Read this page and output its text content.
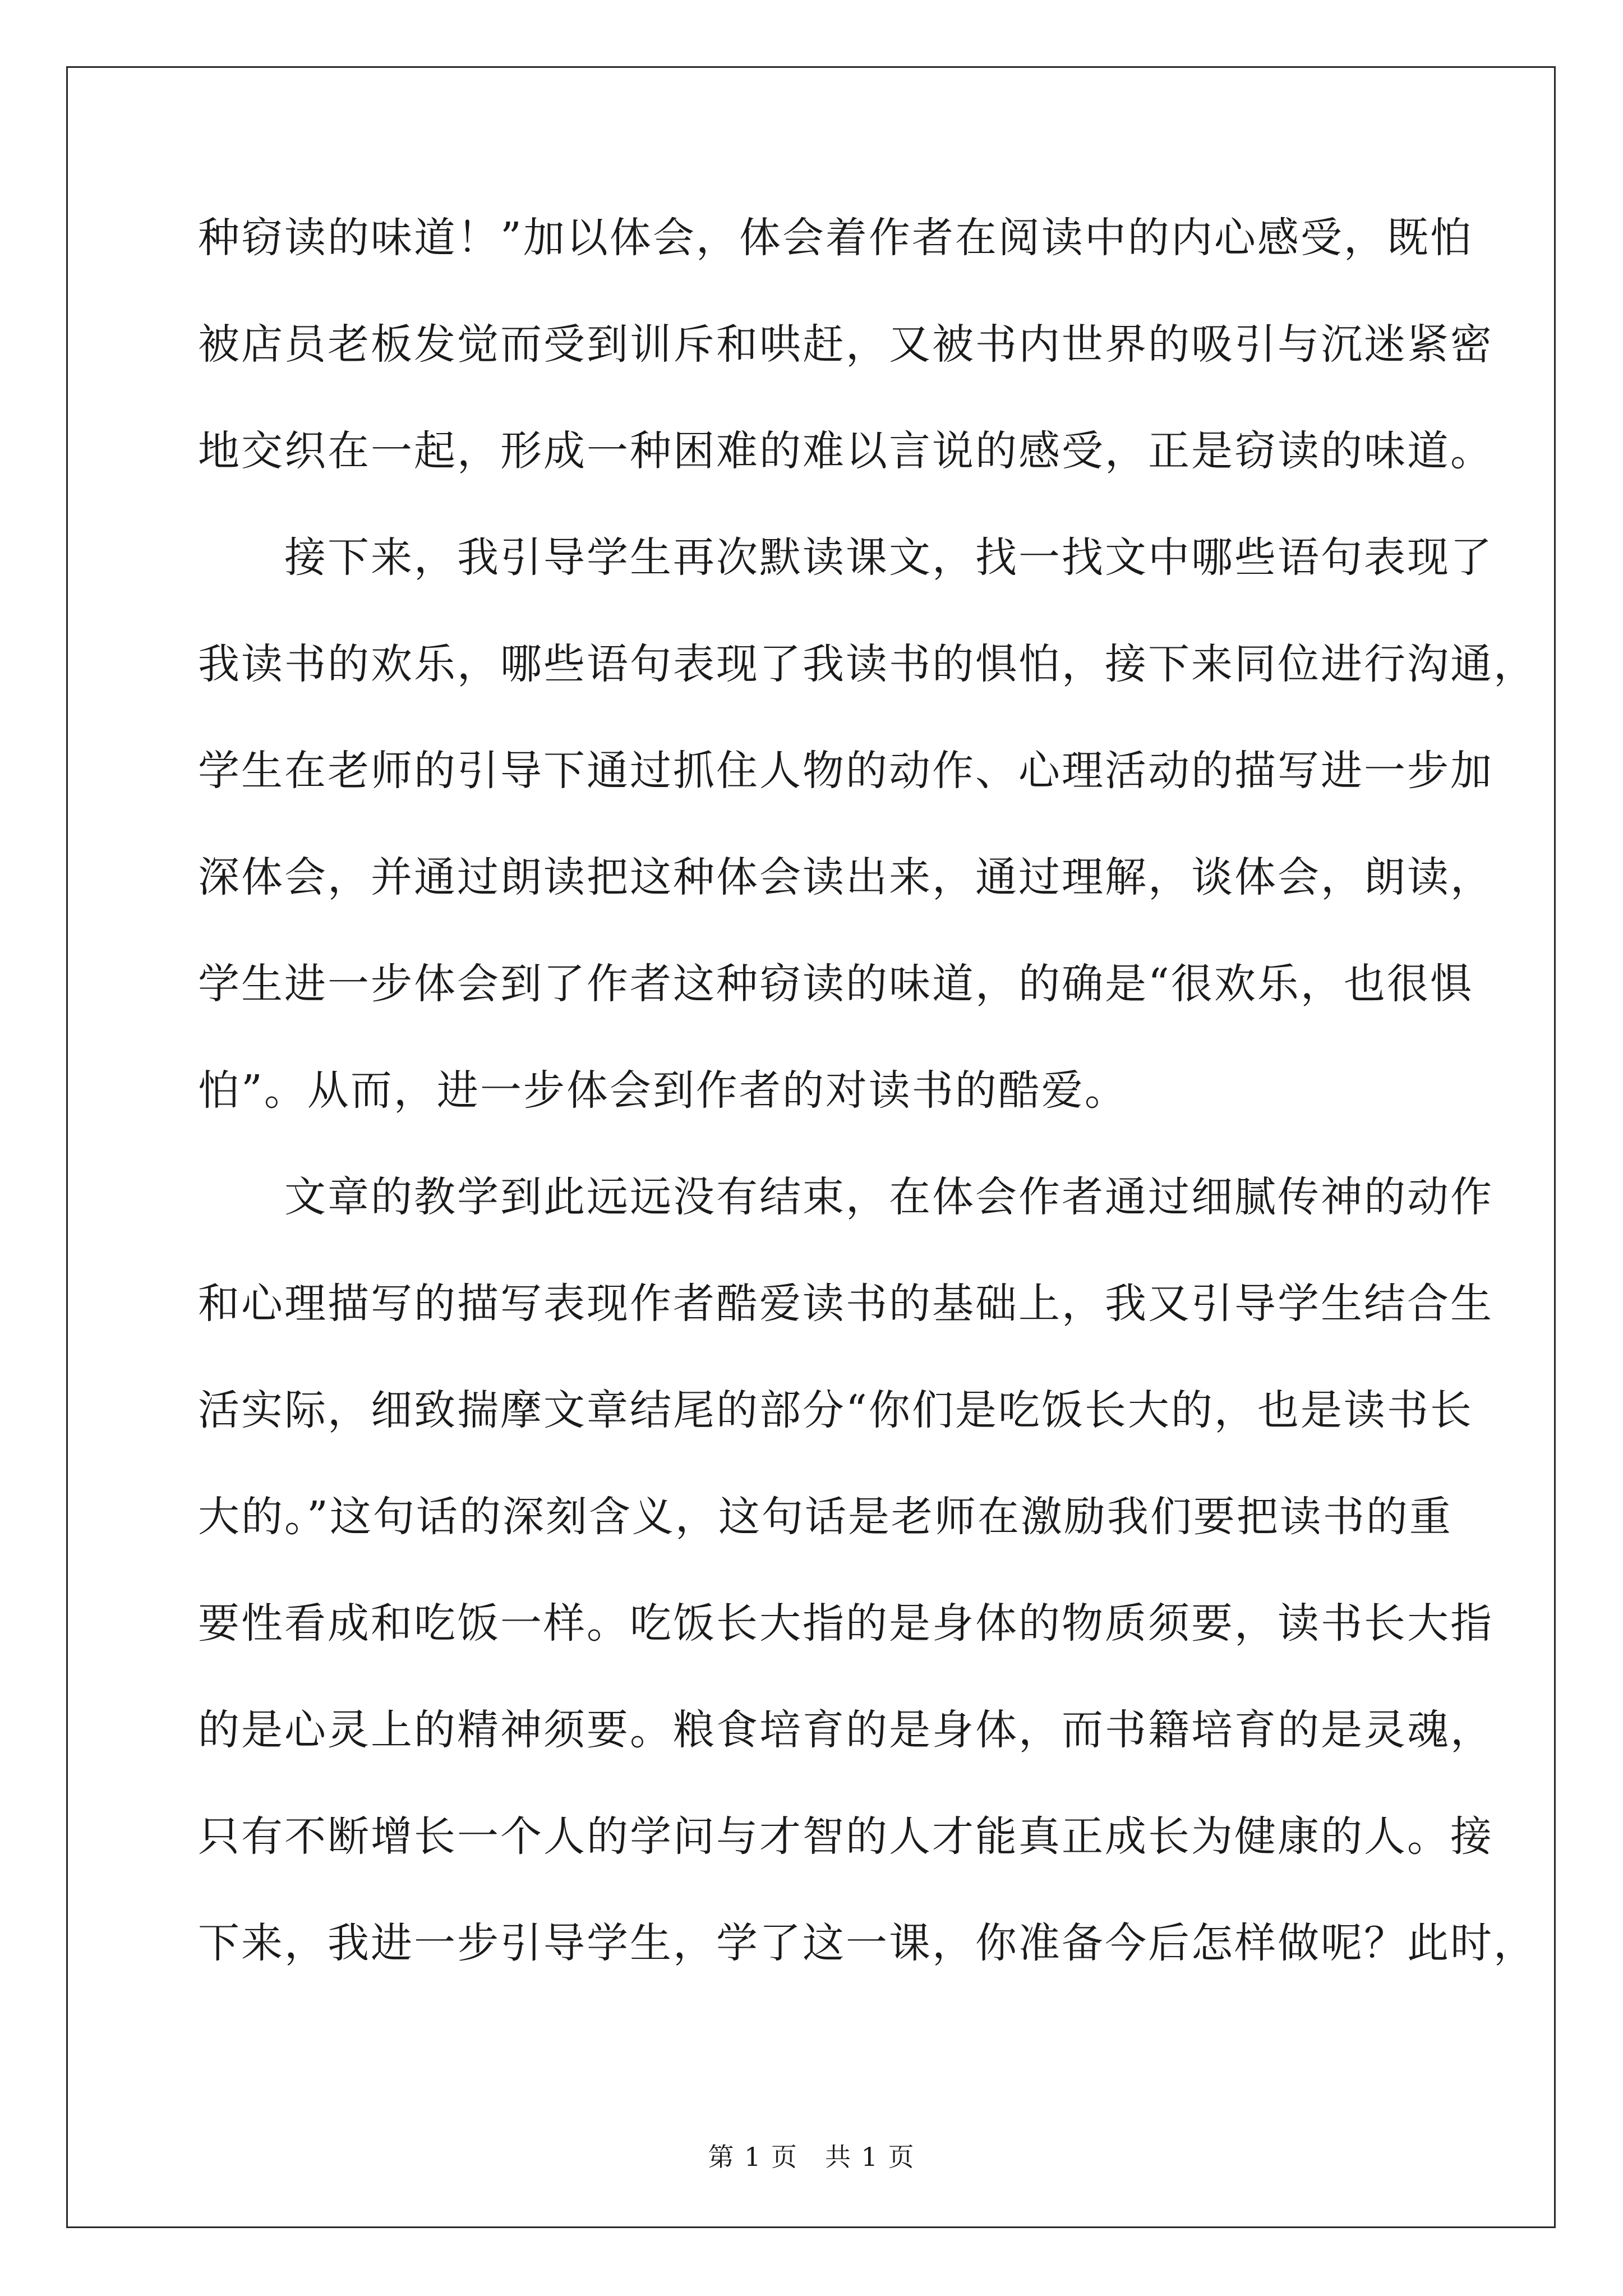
种窃读的味道！”加以体会，体会着作者在阅读中的内心感受，既怕
被店员老板发觉而受到训斥和哄赶，又被书内世界的吸引与沉迷紧密
地交织在一起，形成一种困难的难以言说的感受，正是窃读的味道。
　　接下来，我引导学生再次默读课文，找一找文中哪些语句表现了
我读书的欢乐，哪些语句表现了我读书的惧怕，接下来同位进行沟通，
学生在老师的引导下通过抓住人物的动作、心理活动的描写进一步加
深体会，并通过朗读把这种体会读出来，通过理解，谈体会，朗读，
学生进一步体会到了作者这种窃读的味道，的确是“很欢乐，也很惧
怕”。从而，进一步体会到作者的对读书的酷爱。
　　文章的教学到此远远没有结束，在体会作者通过细腻传神的动作
和心理描写的描写表现作者酷爱读书的基础上，我又引导学生结合生
活实际，细致揣摩文章结尾的部分“你们是吃饭长大的，也是读书长
大的。”这句话的深刻含义，这句话是老师在激励我们要把读书的重
要性看成和吃饭一样。吃饭长大指的是身体的物质须要，读书长大指
的是心灵上的精神须要。粮食培育的是身体，而书籍培育的是灵魂，
只有不断增长一个人的学问与才智的人才能真正成长为健康的人。接
下来，我进一步引导学生，学了这一课，你准备今后怎样做呢？此时，
第 1 页　共 1 页
